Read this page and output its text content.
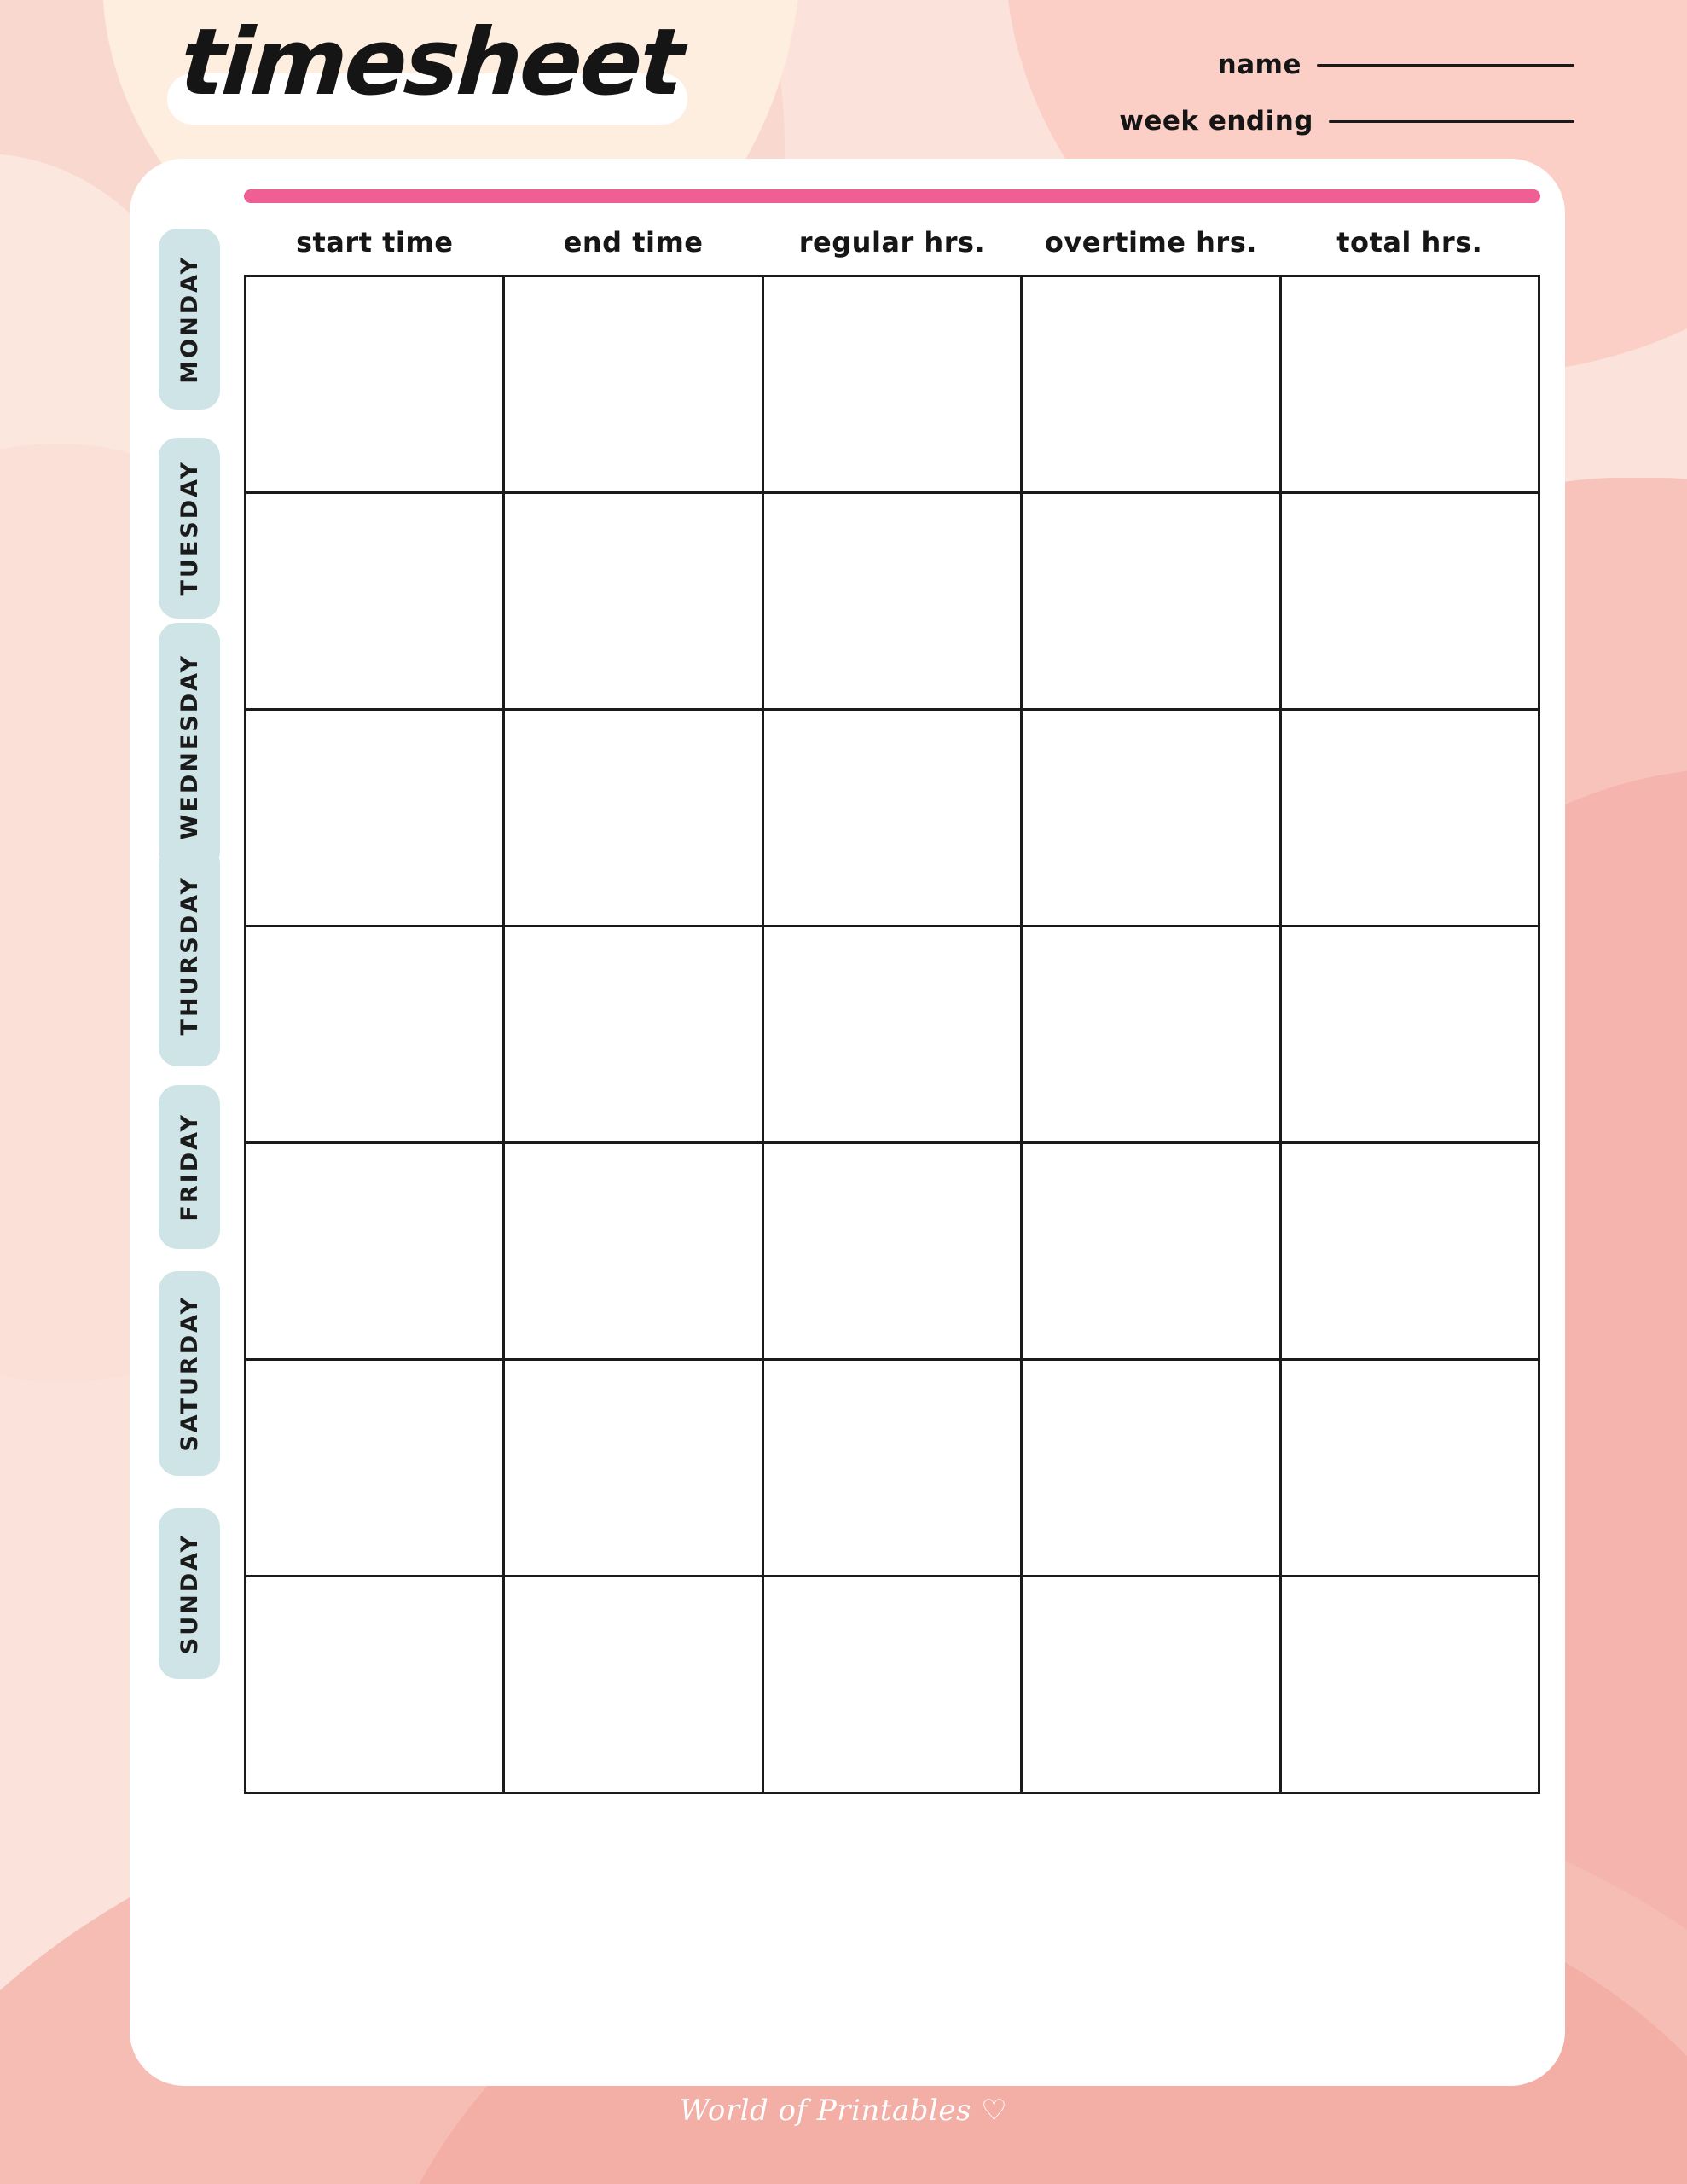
timesheet	name
week ending
MONDAY
TUESDAY
WEDNESDAY
THURSDAY
FRIDAY
SATURDAY
SUNDAY
start time	end time	regular hrs.	overtime hrs.	total hrs.

World of Printables ♡
